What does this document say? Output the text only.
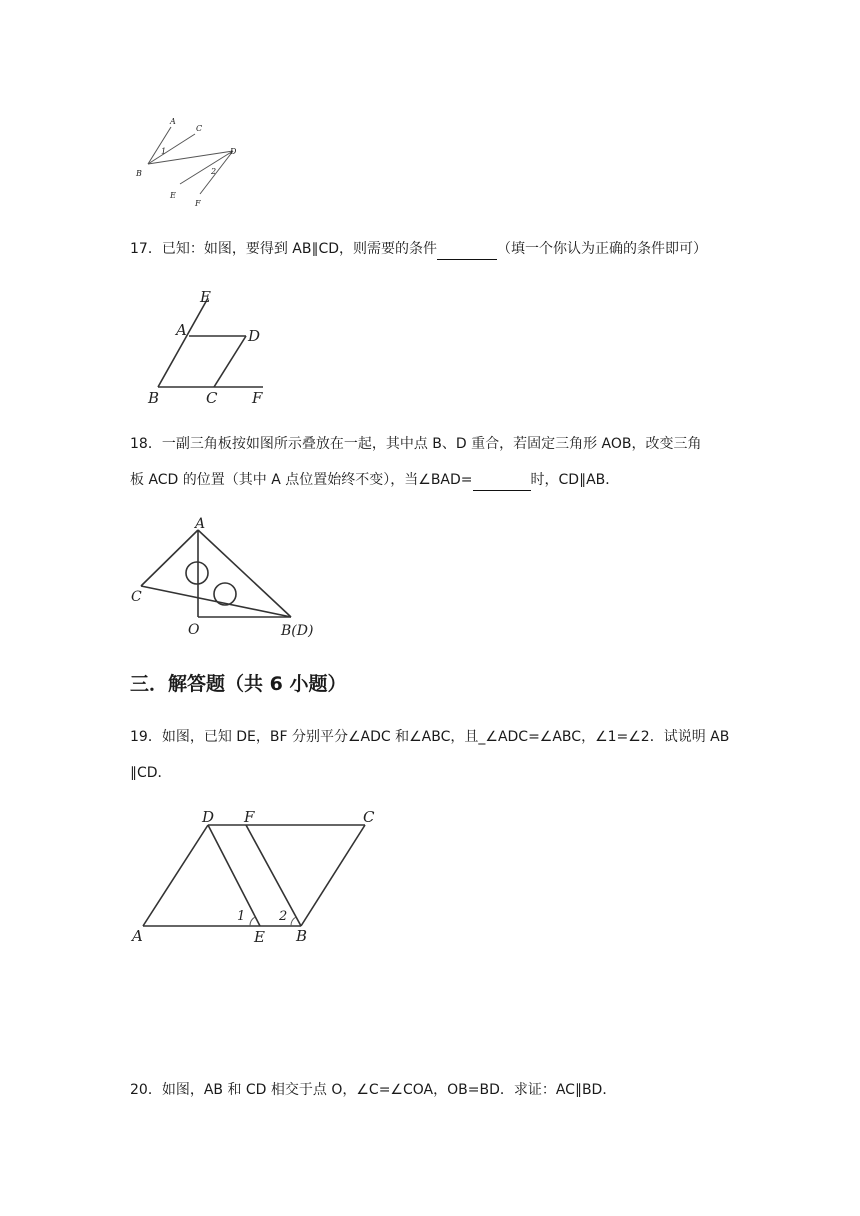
A
C
B
D
E
F
1
2
17．已知：如图，要得到 AB∥CD，则需要的条件	（填一个你认为正确的条件即可）
E
A	D
B	C F
18．一副三角板按如图所示叠放在一起，其中点 B、D 重合，若固定三角形 AOB，改变三角
板 ACD 的位置（其中 A 点位置始终不变），当∠BAD=	时，CD∥AB．
A
C
O	B(D)
三．解答题（共 6 小题）
19．如图，已知 DE，BF 分别平分∠ADC 和∠ABC，且_∠ADC=∠ABC，∠1=∠2．试说明 AB
∥CD．
D F	C
A	E B
1	2
20．如图，AB 和 CD 相交于点 O，∠C=∠COA，OB=BD．求证：AC∥BD．
